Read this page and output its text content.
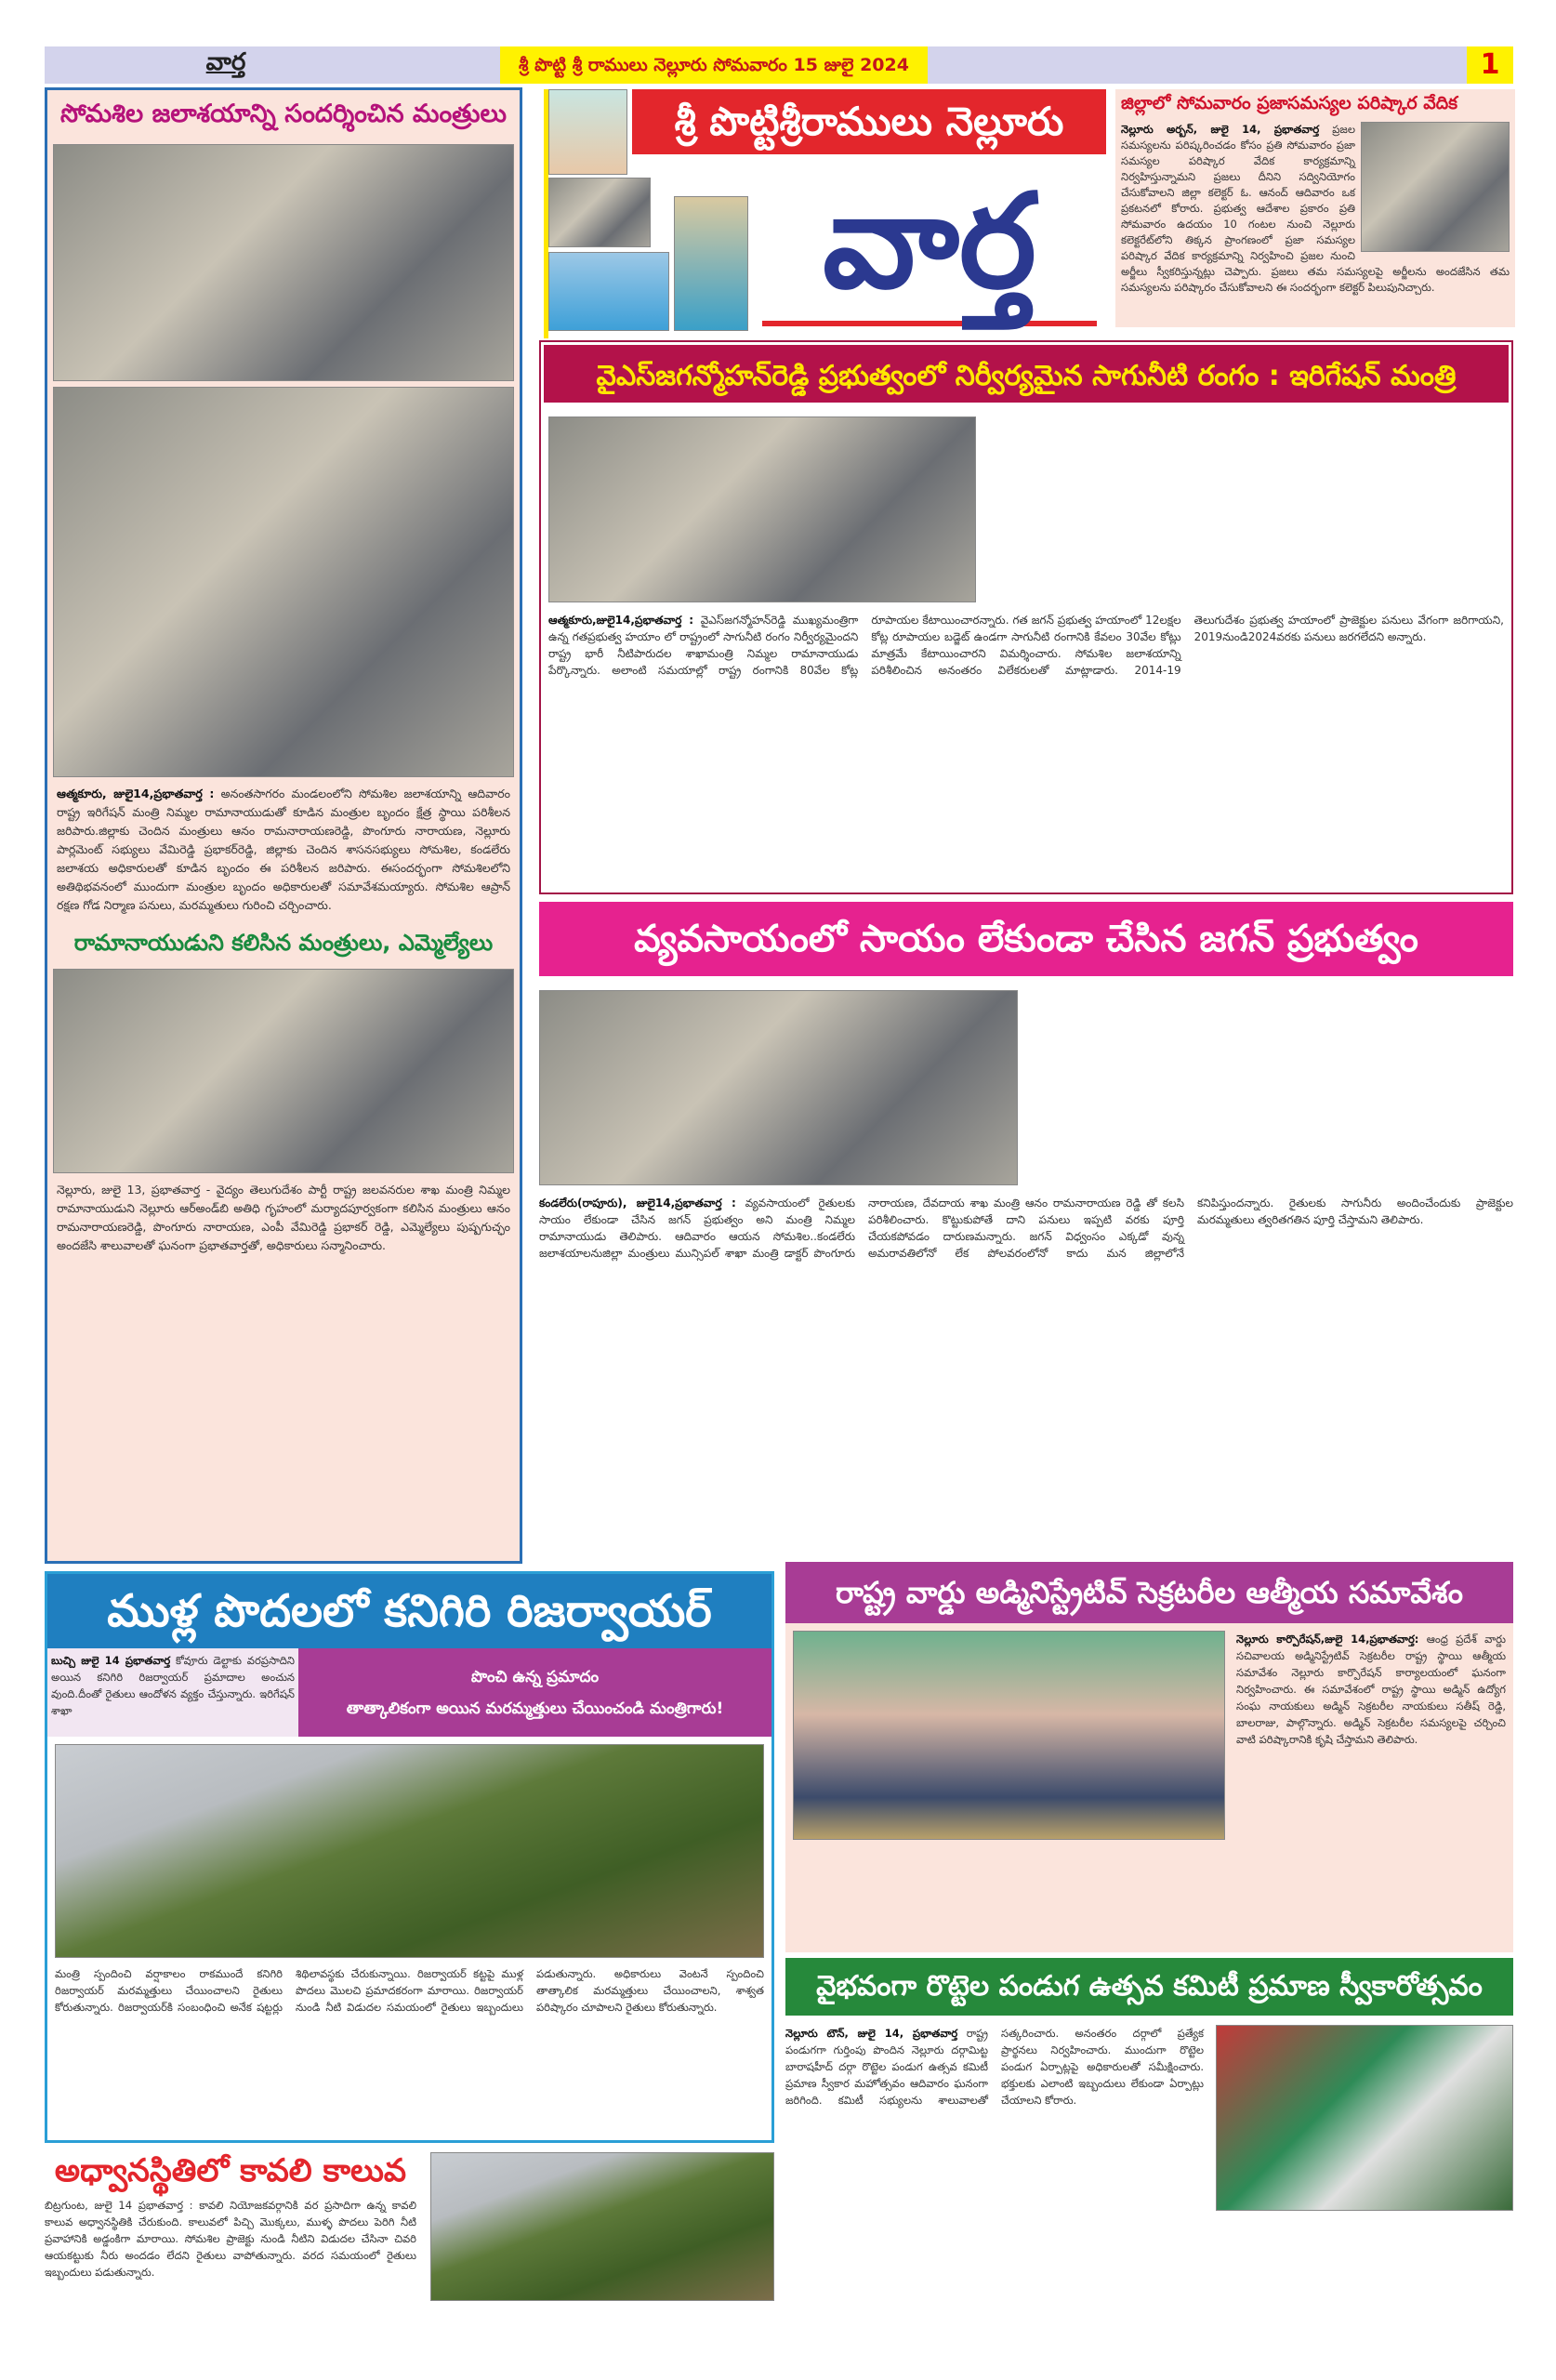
వార్త	శ్రీ పొట్టి శ్రీ రాములు నెల్లూరు సోమవారం 15 జులై 2024	1
సోమశిల జలాశయాన్ని సందర్శించిన మంత్రులు
ఆత్మకూరు, జులై14,ప్రభాతవార్త : అనంతసాగరం మండలంలోని సోమశిల జలాశయాన్ని ఆదివారం రాష్ట్ర ఇరిగేషన్ మంత్రి నిమ్మల రామానాయుడుతో కూడిన మంత్రుల బృందం క్షేత్ర స్థాయి పరిశీలన జరిపారు.జిల్లాకు చెందిన మంత్రులు ఆనం రామనారాయణరెడ్డి, పొంగూరు నారాయణ, నెల్లూరు పార్లమెంట్ సభ్యులు వేమిరెడ్డి ప్రభాకర్‌రెడ్డి, జిల్లాకు చెందిన శాసనసభ్యులు సోమశిల, కండలేరు జలాశయ అధికారులతో కూడిన బృందం ఈ పరిశీలన జరిపారు. ఈసందర్భంగా సోమశిలలోని అతిథిభవనంలో ముందుగా మంత్రుల బృందం అధికారులతో సమావేశమయ్యారు. సోమశిల ఆప్రాన్ రక్షణ గోడ నిర్మాణ పనులు, మరమ్మతులు గురించి చర్చించారు.
రామానాయుడుని కలిసిన మంత్రులు, ఎమ్మెల్యేలు
నెల్లూరు, జులై 13, ప్రభాతవార్త - వైద్యం తెలుగుదేశం పార్టీ రాష్ట్ర జలవనరుల శాఖ మంత్రి నిమ్మల రామానాయుడుని నెల్లూరు ఆర్‌అండ్‌బి అతిధి గృహంలో మర్యాదపూర్వకంగా కలిసిన మంత్రులు ఆనం రామనారాయణరెడ్డి, పొంగూరు నారాయణ, ఎంపీ వేమిరెడ్డి ప్రభాకర్ రెడ్డి, ఎమ్మెల్యేలు పుష్పగుచ్ఛం అందజేసి శాలువాలతో ఘనంగా ప్రభాతవార్తతో, అధికారులు సన్మానించారు.
శ్రీ పొట్టిశ్రీరాములు నెల్లూరు
వార్త
జిల్లాలో సోమవారం ప్రజాసమస్యల పరిష్కార వేదిక
నెల్లూరు అర్బన్, జులై 14, ప్రభాతవార్త ప్రజల సమస్యలను పరిష్కరించడం కోసం ప్రతి సోమవారం ప్రజా సమస్యల పరిష్కార వేదిక కార్యక్రమాన్ని నిర్వహిస్తున్నామని ప్రజలు దీనిని సద్వినియోగం చేసుకోవాలని జిల్లా కలెక్టర్ ఓ. ఆనంద్ ఆదివారం ఒక ప్రకటనలో కోరారు. ప్రభుత్వ ఆదేశాల ప్రకారం ప్రతి సోమవారం ఉదయం 10 గంటల నుంచి నెల్లూరు కలెక్టరేట్‌లోని తిక్కన ప్రాంగణంలో ప్రజా సమస్యల పరిష్కార వేదిక కార్యక్రమాన్ని నిర్వహించి ప్రజల నుంచి అర్జీలు స్వీకరిస్తున్నట్లు చెప్పారు. ప్రజలు తమ సమస్యలపై అర్జీలను అందజేసిన తమ సమస్యలను పరిష్కారం చేసుకోవాలని ఈ సందర్భంగా కలెక్టర్ పిలుపునిచ్చారు.
వైఎస్‌జగన్మోహన్‌రెడ్డి ప్రభుత్వంలో నిర్వీర్యమైన సాగునీటి రంగం : ఇరిగేషన్ మంత్రి
ఆత్మకూరు,జులై14,ప్రభాతవార్త : వైఎస్‌జగన్మోహన్‌రెడ్డి ముఖ్యమంత్రిగా ఉన్న గతప్రభుత్వ హయాం లో రాష్ట్రంలో సాగునీటి రంగం నిర్వీర్యమైందని రాష్ట్ర భారీ నీటిపారుదల శాఖామంత్రి నిమ్మల రామానాయుడు పేర్కొన్నారు. అలాంటి సమయాల్లో రాష్ట్ర రంగానికి 80వేల కోట్ల రూపాయల కేటాయించారన్నారు. గత జగన్ ప్రభుత్వ హయాంలో 12లక్షల కోట్ల రూపాయల బడ్జెట్ ఉండగా సాగునీటి రంగానికి కేవలం 30వేల కోట్లు మాత్రమే కేటాయించారని విమర్శించారు. సోమశిల జలాశయాన్ని పరిశీలించిన అనంతరం విలేకరులతో మాట్లాడారు. 2014-19 తెలుగుదేశం ప్రభుత్వ హయాంలో ప్రాజెక్టుల పనులు వేగంగా జరిగాయని, 2019నుండి2024వరకు పనులు జరగలేదని అన్నారు.
వ్యవసాయంలో సాయం లేకుండా చేసిన జగన్ ప్రభుత్వం
కండలేరు(రాపూరు), జులై14,ప్రభాతవార్త : వ్యవసాయంలో రైతులకు సాయం లేకుండా చేసిన జగన్ ప్రభుత్వం అని మంత్రి నిమ్మల రామానాయుడు తెలిపారు. ఆదివారం ఆయన సోమశిల..కండలేరు జలాశయాలనుజిల్లా మంత్రులు మున్సిపల్ శాఖా మంత్రి డాక్టర్ పొంగూరు నారాయణ, దేవదాయ శాఖ మంత్రి ఆనం రామనారాయణ రెడ్డి తో కలసి పరిశీలించారు. కొట్టుకుపోతే దాని పనులు ఇప్పటి వరకు పూర్తి చేయకపోవడం దారుణమన్నారు. జగన్ విధ్వంసం ఎక్కడో వున్న అమరావతిలోనో లేక పోలవరంలోనో కాదు మన జిల్లాలోనే కనిపిస్తుందన్నారు. రైతులకు సాగునీరు అందించేందుకు ప్రాజెక్టుల మరమ్మతులు త్వరితగతిన పూర్తి చేస్తామని తెలిపారు.
ముళ్ల పొదలలో కనిగిరి రిజర్వాయర్
బుచ్చి జులై 14 ప్రభాతవార్త కోవూరు డెల్టాకు వరప్రసాదిని అయిన కనిగిరి రిజర్వాయర్ ప్రమాదాల అంచున వుంది.దీంతో రైతులు ఆందోళన వ్యక్తం చేస్తున్నారు. ఇరిగేషన్ శాఖా
పొంచి ఉన్న ప్రమాదం
తాత్కాలికంగా అయిన మరమ్మత్తులు చేయించండి మంత్రిగారు!
మంత్రి స్పందించి వర్షాకాలం రాకముందే కనిగిరి రిజర్వాయర్ మరమ్మత్తులు చేయించాలని రైతులు కోరుతున్నారు. రిజర్వాయర్‌కి సంబంధించి అనేక షట్టర్లు శిథిలావస్థకు చేరుకున్నాయి. రిజర్వాయర్ కట్టపై ముళ్ల పొదలు మొలచి ప్రమాదకరంగా మారాయి. రిజర్వాయర్ నుండి నీటి విడుదల సమయంలో రైతులు ఇబ్బందులు పడుతున్నారు. అధికారులు వెంటనే స్పందించి తాత్కాలిక మరమ్మత్తులు చేయించాలని, శాశ్వత పరిష్కారం చూపాలని రైతులు కోరుతున్నారు.
అధ్వానస్థితిలో కావలి కాలువ
బిట్రగుంట, జులై 14 ప్రభాతవార్త : కావలి నియోజకవర్గానికి వర ప్రసాదిగా ఉన్న కావలి కాలువ అధ్వానస్థితికి చేరుకుంది. కాలువలో పిచ్చి మొక్కలు, ముళ్ళ పొదలు పెరిగి నీటి ప్రవాహానికి అడ్డంకిగా మారాయి. సోమశిల ప్రాజెక్టు నుండి నీటిని విడుదల చేసినా చివరి ఆయకట్టుకు నీరు అందడం లేదని రైతులు వాపోతున్నారు. వరద సమయంలో రైతులు ఇబ్బందులు పడుతున్నారు.
రాష్ట్ర వార్డు అడ్మినిస్ట్రేటివ్ సెక్రటరీల ఆత్మీయ సమావేశం
నెల్లూరు కార్పొరేషన్,జులై 14,ప్రభాతవార్త: ఆంధ్ర ప్రదేశ్ వార్డు సచివాలయ అడ్మినిస్ట్రేటివ్ సెక్రటరీల రాష్ట్ర స్థాయి ఆత్మీయ సమావేశం నెల్లూరు కార్పొరేషన్ కార్యాలయంలో ఘనంగా నిర్వహించారు. ఈ సమావేశంలో రాష్ట్ర స్థాయి అడ్మిన్ ఉద్యోగ సంఘ నాయకులు అడ్మిన్ సెక్రటరీల నాయకులు సతీష్ రెడ్డి, బాలరాజు, పాల్గొన్నారు. అడ్మిన్ సెక్రటరీల సమస్యలపై చర్చించి వాటి పరిష్కారానికి కృషి చేస్తామని తెలిపారు.
వైభవంగా రొట్టెల పండుగ ఉత్సవ కమిటీ ప్రమాణ స్వీకారోత్సవం
నెల్లూరు టౌన్, జులై 14, ప్రభాతవార్త రాష్ట్ర పండుగగా గుర్తింపు పొందిన నెల్లూరు దర్గామిట్ట బారాషహీద్ దర్గా రొట్టెల పండుగ ఉత్సవ కమిటీ ప్రమాణ స్వీకార మహోత్సవం ఆదివారం ఘనంగా జరిగింది. కమిటీ సభ్యులను శాలువాలతో సత్కరించారు. అనంతరం దర్గాలో ప్రత్యేక ప్రార్థనలు నిర్వహించారు. ముందుగా రొట్టెల పండుగ ఏర్పాట్లపై అధికారులతో సమీక్షించారు. భక్తులకు ఎలాంటి ఇబ్బందులు లేకుండా ఏర్పాట్లు చేయాలని కోరారు.
